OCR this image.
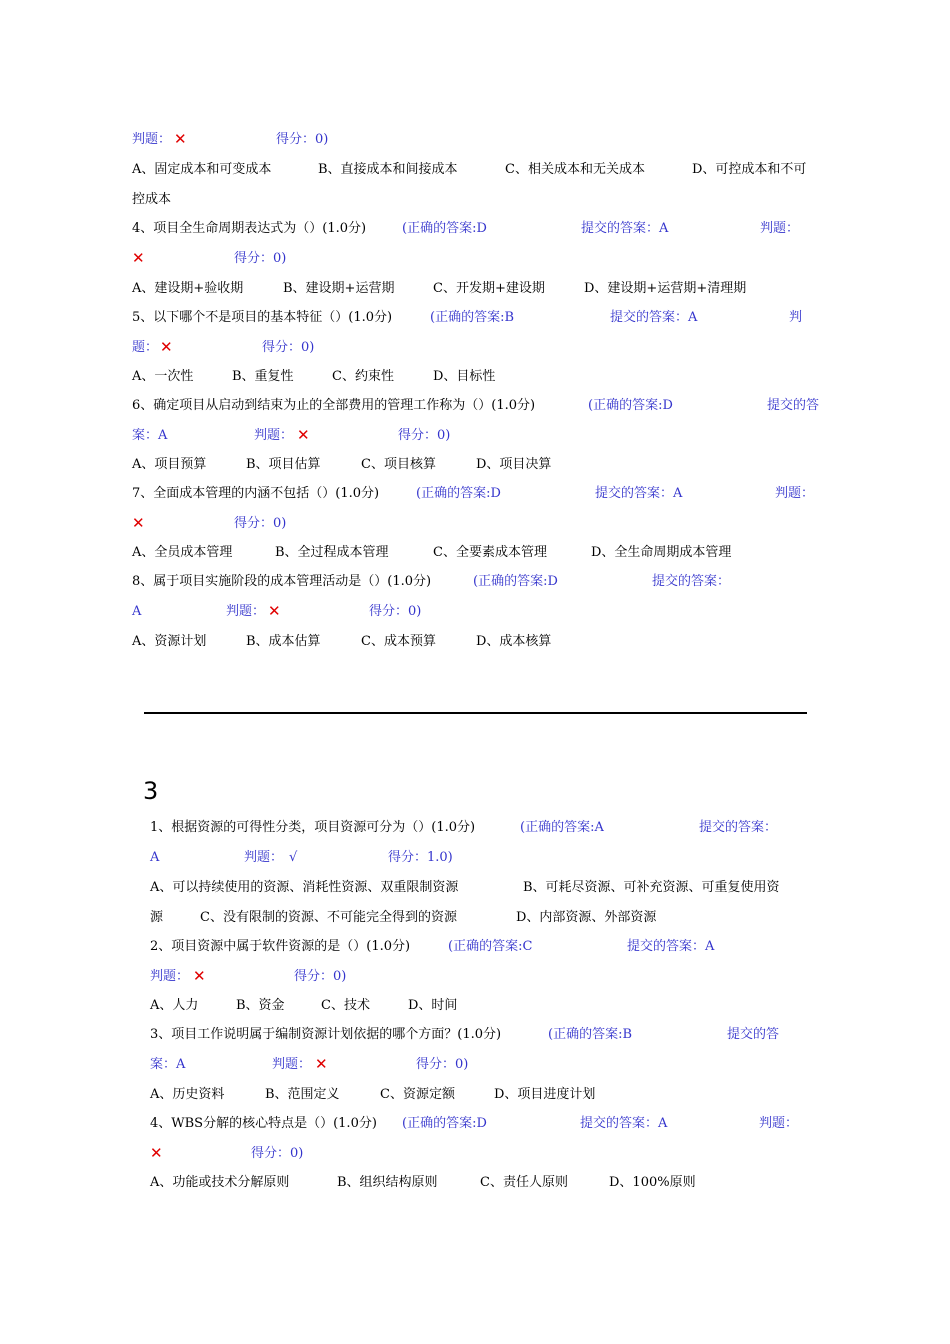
判题： ✕	得分：0)
A、固定成本和可变成本	B、直接成本和间接成本	C、相关成本和无关成本	D、可控成本和不可
控成本
4、项目全生命周期表达式为（）(1.0分)	(正确的答案:D	提交的答案：A	判题：
✕	得分：0)
A、建设期+验收期	B、建设期+运营期	C、开发期+建设期	D、建设期+运营期+清理期
5、以下哪个不是项目的基本特征（）(1.0分)	(正确的答案:B	提交的答案：A	判
题： ✕	得分：0)
A、一次性	B、重复性	C、约束性	D、目标性
6、确定项目从启动到结束为止的全部费用的管理工作称为（）(1.0分)	(正确的答案:D	提交的答
案：A	判题： ✕	得分：0)
A、项目预算	B、项目估算	C、项目核算	D、项目决算
7、全面成本管理的内涵不包括（）(1.0分)	(正确的答案:D	提交的答案：A	判题：
✕	得分：0)
A、全员成本管理	B、全过程成本管理	C、全要素成本管理	D、全生命周期成本管理
8、属于项目实施阶段的成本管理活动是（）(1.0分)	(正确的答案:D	提交的答案：
A	判题： ✕	得分：0)
A、资源计划	B、成本估算	C、成本预算	D、成本核算
3
1、根据资源的可得性分类，项目资源可分为（）(1.0分)	(正确的答案:A	提交的答案：
A	判题： √	得分：1.0)
A、可以持续使用的资源、消耗性资源、双重限制资源	B、可耗尽资源、可补充资源、可重复使用资
源	C、没有限制的资源、不可能完全得到的资源	D、内部资源、外部资源
2、项目资源中属于软件资源的是（）(1.0分)	(正确的答案:C	提交的答案：A
判题： ✕	得分：0)
A、人力	B、资金	C、技术	D、时间
3、项目工作说明属于编制资源计划依据的哪个方面？(1.0分)	(正确的答案:B	提交的答
案：A	判题： ✕	得分：0)
A、历史资料	B、范围定义	C、资源定额	D、项目进度计划
4、WBS分解的核心特点是（）(1.0分) (正确的答案:D	提交的答案：A	判题：
✕	得分：0)
A、功能或技术分解原则	B、组织结构原则	C、责任人原则	D、100%原则
